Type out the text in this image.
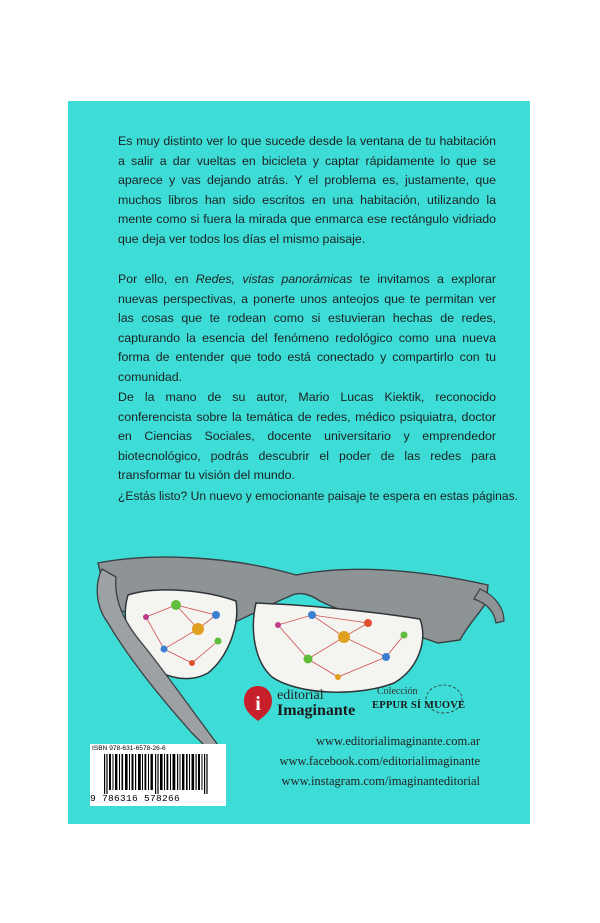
Es muy distinto ver lo que sucede desde la ventana de tu habitación a salir a dar vueltas en bicicleta y captar rápidamente lo que se aparece y vas dejando atrás. Y el problema es, justamente, que muchos libros han sido escritos en una habitación, utilizando la mente como si fuera la mirada que enmarca ese rectángulo vidriado que deja ver todos los días el mismo paisaje.

Por ello, en Redes, vistas panorámicas te invitamos a explorar nuevas perspectivas, a ponerte unos anteojos que te permitan ver las cosas que te rodean como si estuvieran hechas de redes, capturando la esencia del fenómeno redológico como una nueva forma de entender que todo está conectado y compartirlo con tu comunidad.

De la mano de su autor, Mario Lucas Kiektik, reconocido conferencista sobre la temática de redes, médico psiquiatra, doctor en Ciencias Sociales, docente universitario y emprendedor biotecnológico, podrás descubrir el poder de las redes para transformar tu visión del mundo.

¿Estás listo? Un nuevo y emocionante paisaje te espera en estas páginas.

i editorial
Imaginante
Colección
EPPUR SÍ MUOVE
www.editorialimaginante.com.ar
www.facebook.com/editorialimaginante
www.instagram.com/imaginanteditorial
ISBN 978-631-6578-26-6
9 786316 578266
